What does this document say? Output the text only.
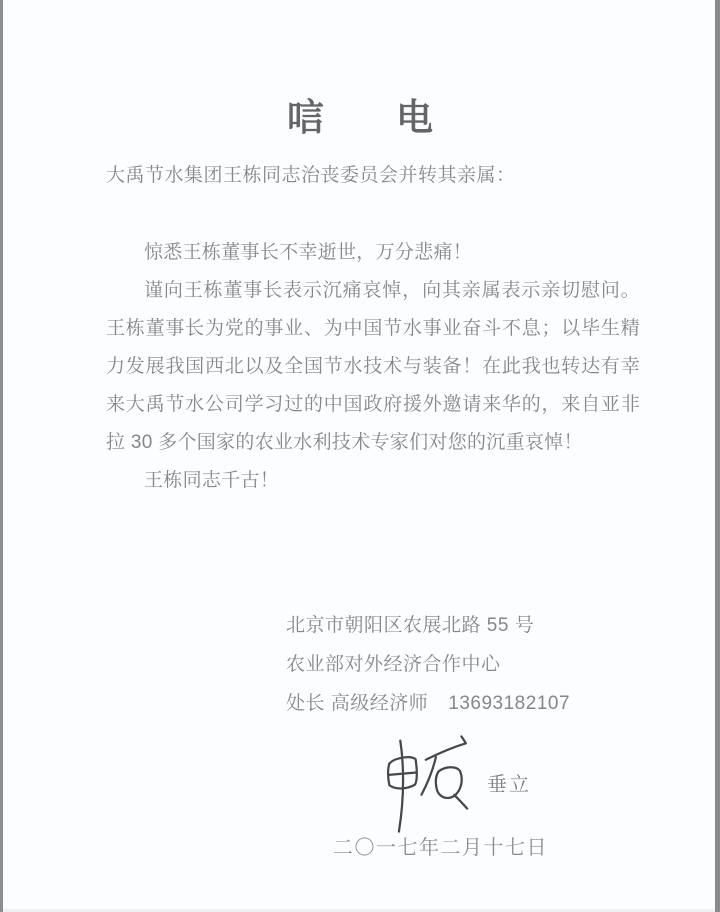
唁 电
大禹节水集团王栋同志治丧委员会并转其亲属：

惊悉王栋董事长不幸逝世，万分悲痛！

谨向王栋董事长表示沉痛哀悼，向其亲属表示亲切慰问。王栋董事长为党的事业、为中国节水事业奋斗不息；以毕生精力发展我国西北以及全国节水技术与装备！在此我也转达有幸来大禹节水公司学习过的中国政府援外邀请来华的，来自亚非拉 30 多个国家的农业水利技术专家们对您的沉重哀悼！

王栋同志千古！

北京市朝阳区农展北路 55 号
农业部对外经济合作中心
处长 高级经济师 13693182107
垂立
二〇一七年二月十七日
